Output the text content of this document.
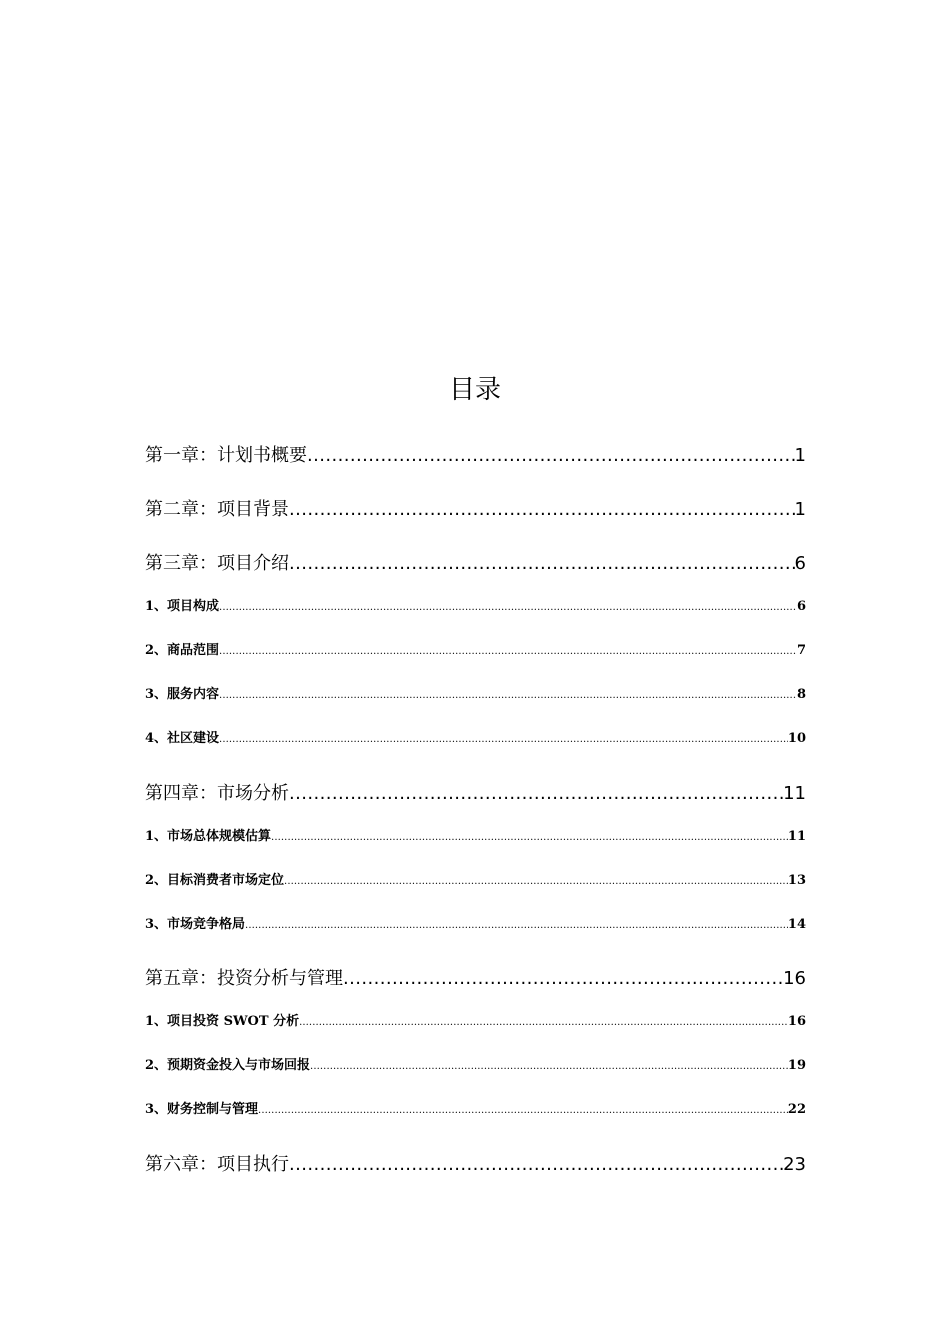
目录
第一章：计划书概要 .....	1
第二章：项目背景 .....	1
第三章：项目介绍 .....	6
1、项目构成 .....	6
2、商品范围 .....	7
3、服务内容 .....	8
4、社区建设 .....	10
第四章：市场分析 .....	11
1、市场总体规模估算 .....	11
2、目标消费者市场定位 .....	13
3、市场竞争格局 .....	14
第五章：投资分析与管理 .....	16
1、项目投资 SWOT 分析 .....	16
2、预期资金投入与市场回报 .....	19
3、财务控制与管理 .....	22
第六章：项目执行 .....	23
